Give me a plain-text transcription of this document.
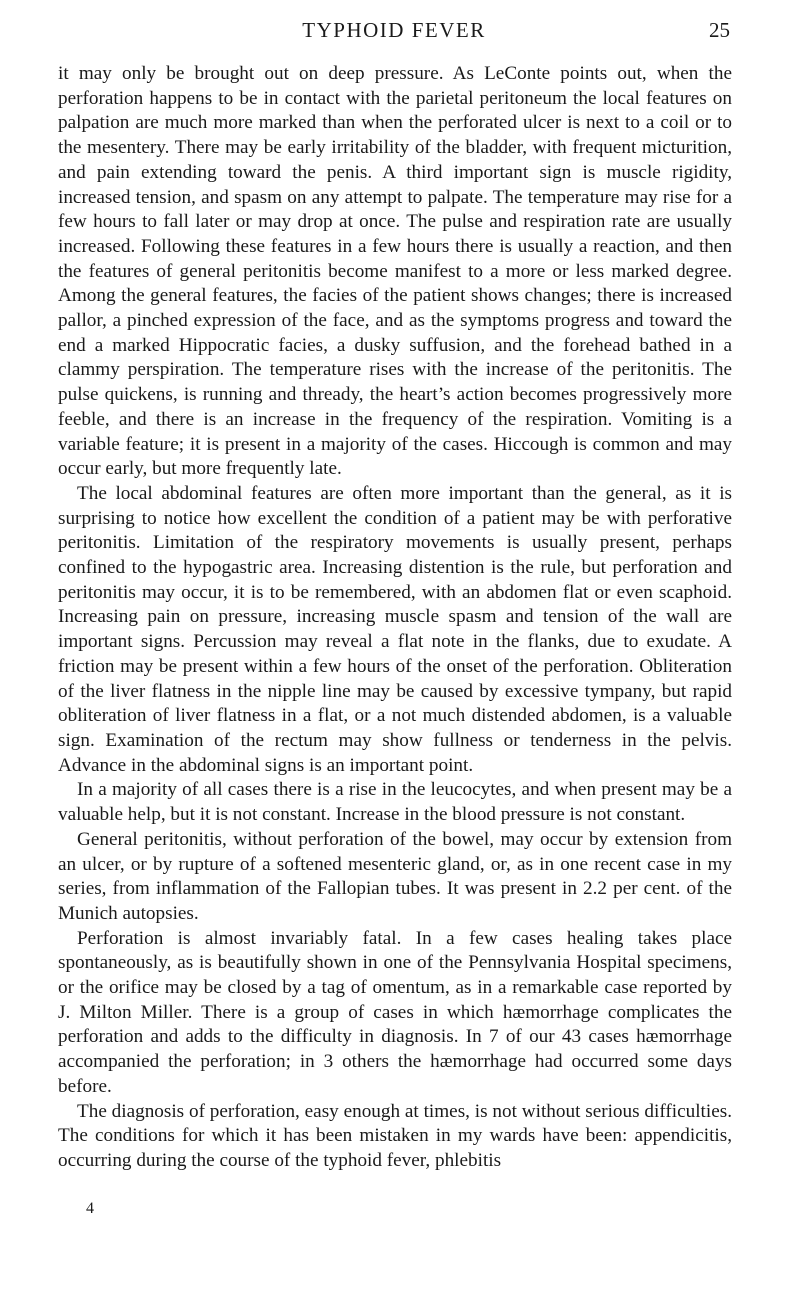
TYPHOID FEVER	25

it may only be brought out on deep pressure. As LeConte points out, when the perforation happens to be in contact with the parietal peritoneum the local features on palpation are much more marked than when the perforated ulcer is next to a coil or to the mesentery. There may be early irritability of the bladder, with frequent micturition, and pain extending toward the penis. A third important sign is muscle rigidity, increased tension, and spasm on any attempt to palpate. The temperature may rise for a few hours to fall later or may drop at once. The pulse and respiration rate are usually increased. Following these features in a few hours there is usually a reaction, and then the features of general peritonitis become manifest to a more or less marked degree. Among the general features, the facies of the patient shows changes; there is increased pallor, a pinched expression of the face, and as the symptoms progress and toward the end a marked Hippocratic facies, a dusky suffusion, and the forehead bathed in a clammy perspiration. The temperature rises with the increase of the peritonitis. The pulse quickens, is running and thready, the heart’s action becomes progressively more feeble, and there is an increase in the frequency of the respiration. Vomiting is a variable feature; it is present in a majority of the cases. Hiccough is common and may occur early, but more frequently late.

The local abdominal features are often more important than the general, as it is surprising to notice how excellent the condition of a patient may be with perforative peritonitis. Limitation of the respiratory movements is usually present, perhaps confined to the hypogastric area. Increasing distention is the rule, but perforation and peritonitis may occur, it is to be remembered, with an abdomen flat or even scaphoid. Increasing pain on pressure, increasing muscle spasm and tension of the wall are important signs. Percussion may reveal a flat note in the flanks, due to exudate. A friction may be present within a few hours of the onset of the perforation. Obliteration of the liver flatness in the nipple line may be caused by excessive tympany, but rapid obliteration of liver flatness in a flat, or a not much distended abdomen, is a valuable sign. Examination of the rectum may show fullness or tenderness in the pelvis. Advance in the abdominal signs is an important point.

In a majority of all cases there is a rise in the leucocytes, and when present may be a valuable help, but it is not constant. Increase in the blood pressure is not constant.

General peritonitis, without perforation of the bowel, may occur by extension from an ulcer, or by rupture of a softened mesenteric gland, or, as in one recent case in my series, from inflammation of the Fallopian tubes. It was present in 2.2 per cent. of the Munich autopsies.

Perforation is almost invariably fatal. In a few cases healing takes place spontaneously, as is beautifully shown in one of the Pennsylvania Hospital specimens, or the orifice may be closed by a tag of omentum, as in a remarkable case reported by J. Milton Miller. There is a group of cases in which hæmorrhage complicates the perforation and adds to the difficulty in diagnosis. In 7 of our 43 cases hæmorrhage accompanied the perforation; in 3 others the hæmorrhage had occurred some days before.

The diagnosis of perforation, easy enough at times, is not without serious difficulties. The conditions for which it has been mistaken in my wards have been: appendicitis, occurring during the course of the typhoid fever, phlebitis

4
